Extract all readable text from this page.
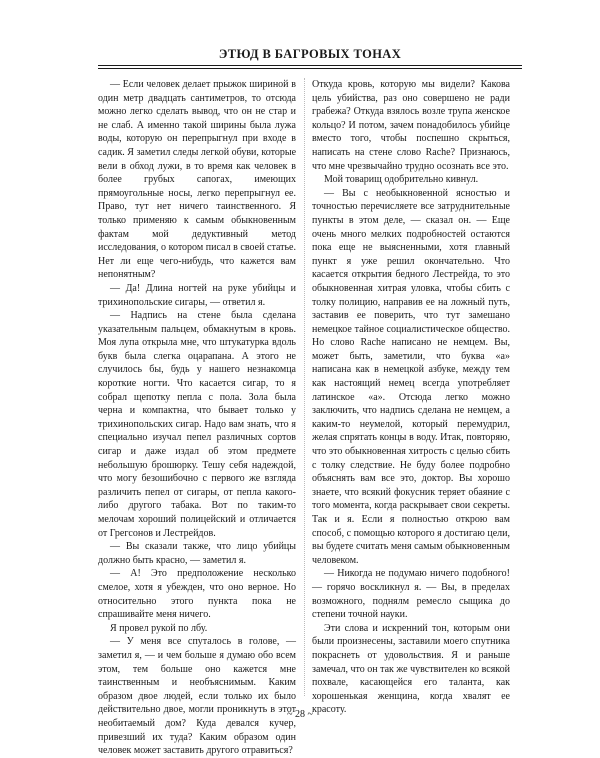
ЭТЮД В БАГРОВЫХ ТОНАХ

— Если человек делает прыжок шириной в один метр двадцать сантиметров, то отсюда можно легко сделать вывод, что он не стар и не слаб. А именно такой ширины была лужа воды, которую он перепрыгнул при входе в садик. Я заметил следы легкой обуви, которые вели в обход лужи, в то время как человек в более грубых сапогах, имеющих прямоугольные носы, легко перепрыгнул ее. Право, тут нет ничего таинственного. Я только применяю к самым обыкновенным фактам мой дедуктивный метод исследования, о котором писал в своей статье. Нет ли еще чего-нибудь, что кажется вам непонятным?

— Да! Длина ногтей на руке убийцы и трихинопольские сигары, — ответил я.

— Надпись на стене была сделана указательным пальцем, обмакнутым в кровь. Моя лупа открыла мне, что штукатурка вдоль букв была слегка оцарапана. А этого не случилось бы, будь у нашего незнакомца короткие ногти. Что касается сигар, то я собрал щепотку пепла с пола. Зола была черна и компактна, что бывает только у трихинопольских сигар. Надо вам знать, что я специально изучал пепел различных сортов сигар и даже издал об этом предмете небольшую брошюрку. Тешу себя надеждой, что могу безошибочно с первого же взгляда различить пепел от сигары, от пепла какого-либо другого табака. Вот по таким-то мелочам хороший полицейский и отличается от Грегсонов и Лестрейдов.

— Вы сказали также, что лицо убийцы должно быть красно, — заметил я.

— А! Это предположение несколько смелое, хотя я убежден, что оно верное. Но относительно этого пункта пока не спрашивайте меня ничего.

Я провел рукой по лбу.

— У меня все спуталось в голове, — заметил я, — и чем больше я думаю обо всем этом, тем больше оно кажется мне таинственным и необъяснимым. Каким образом двое людей, если только их было действительно двое, могли проникнуть в этот необитаемый дом? Куда девался кучер, привезший их туда? Каким образом один человек может заставить другого отравиться?

Откуда кровь, которую мы видели? Какова цель убийства, раз оно совершено не ради грабежа? Откуда взялось возле трупа женское кольцо? И потом, зачем понадобилось убийце вместо того, чтобы поспешно скрыться, написать на стене слово Rache? Признаюсь, что мне чрезвычайно трудно осознать все это.

Мой товарищ одобрительно кивнул.

— Вы с необыкновенной ясностью и точностью перечисляете все затруднительные пункты в этом деле, — сказал он. — Еще очень много мелких подробностей остаются пока еще не выясненными, хотя главный пункт я уже решил окончательно. Что касается открытия бедного Лестрейда, то это обыкновенная хитрая уловка, чтобы сбить с толку полицию, направив ее на ложный путь, заставив ее поверить, что тут замешано немецкое тайное социалистическое общество. Но слово Rache написано не немцем. Вы, может быть, заметили, что буква «а» написана как в немецкой азбуке, между тем как настоящий немец всегда употребляет латинское «а». Отсюда легко можно заключить, что надпись сделана не немцем, а каким-то неумелой, который перемудрил, желая спрятать концы в воду. Итак, повторяю, что это обыкновенная хитрость с целью сбить с толку следствие. Не буду более подробно объяснять вам все это, доктор. Вы хорошо знаете, что всякий фокусник теряет обаяние с того момента, когда раскрывает свои секреты. Так и я. Если я полностью открою вам способ, с помощью которого я достигаю цели, вы будете считать меня самым обыкновенным человеком.

— Никогда не подумаю ничего подобного! — горячо воскликнул я. — Вы, в пределах возможного, поднялм ремесло сыщика до степени точной науки.

Эти слова и искренний тон, которым они были произнесены, заставили моего спутника покраснеть от удовольствия. Я и раньше замечал, что он так же чувствителен ко всякой похвале, касающейся его таланта, как хорошенькая женщина, когда хвалят ее красоту.

~ 28 ~
